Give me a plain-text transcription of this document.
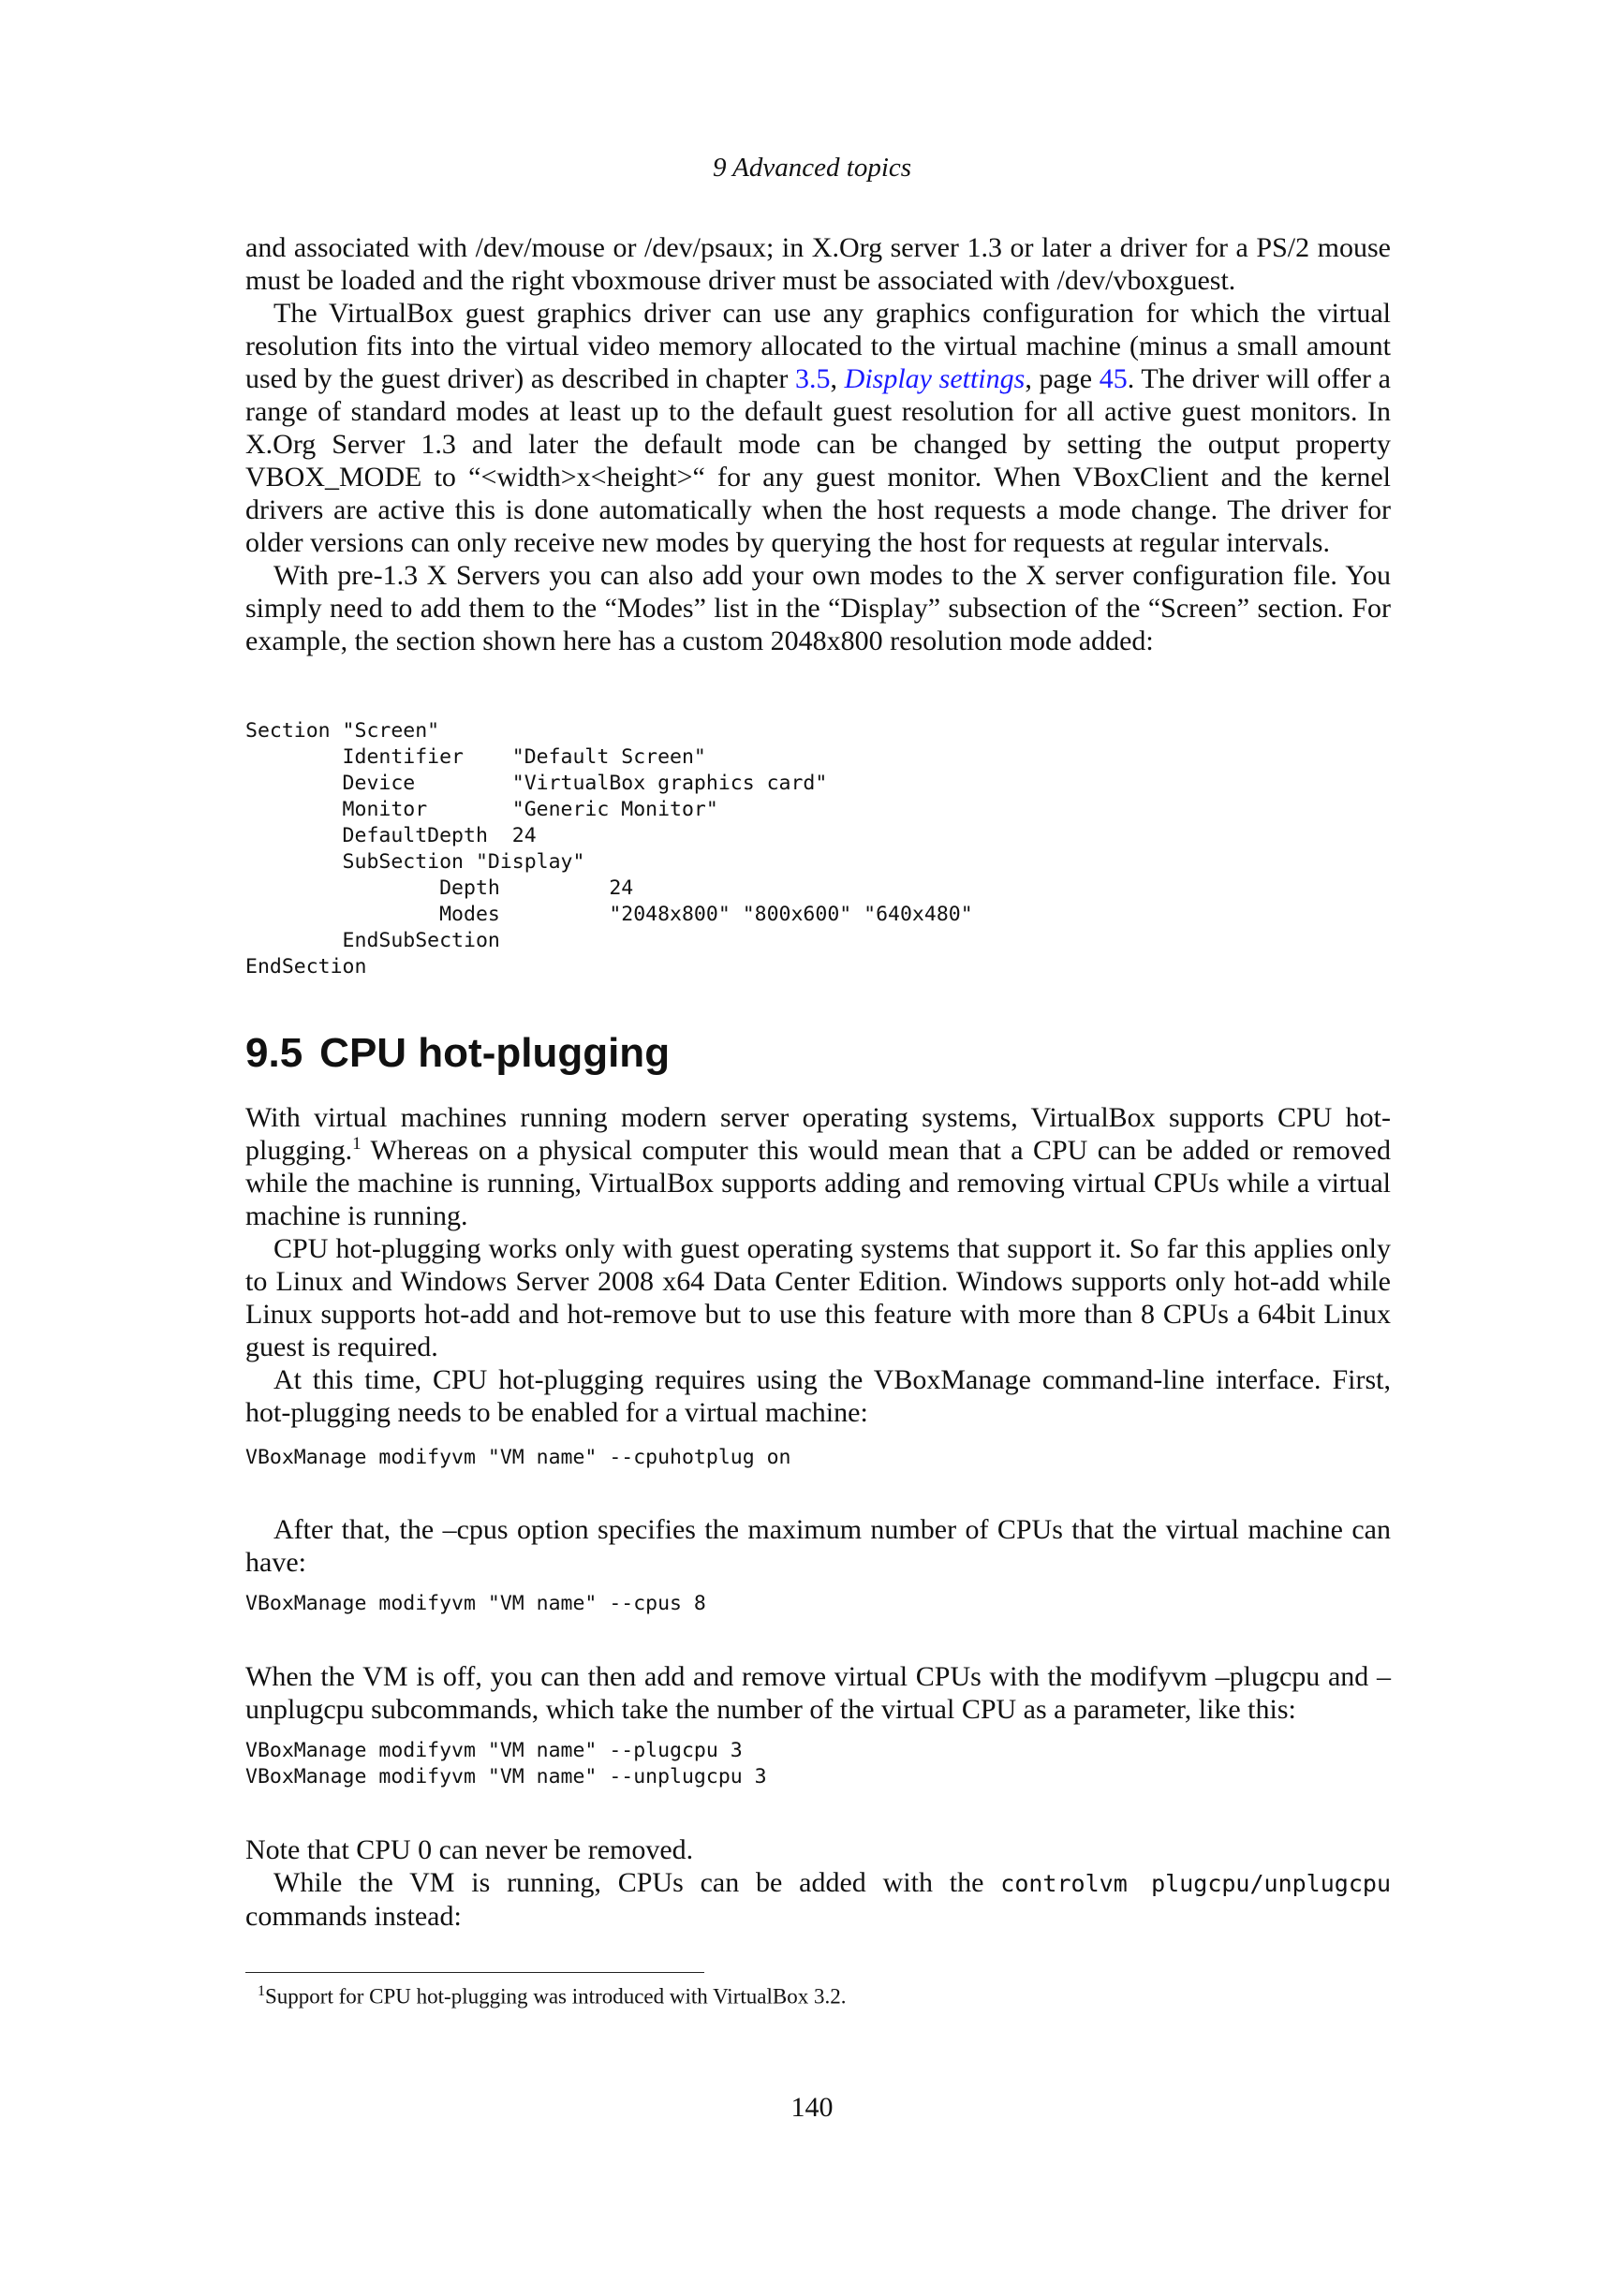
9 Advanced topics

and associated with /dev/mouse or /dev/psaux; in X.Org server 1.3 or later a driver for a PS/2 mouse must be loaded and the right vboxmouse driver must be associated with /dev/vboxguest.

The VirtualBox guest graphics driver can use any graphics configuration for which the virtual resolution fits into the virtual video memory allocated to the virtual machine (minus a small amount used by the guest driver) as described in chapter 3.5, Display settings, page 45. The driver will offer a range of standard modes at least up to the default guest resolution for all active guest monitors. In X.Org Server 1.3 and later the default mode can be changed by setting the output property VBOX_MODE to “<width>x<height>“ for any guest monitor. When VBoxClient and the kernel drivers are active this is done automatically when the host requests a mode change. The driver for older versions can only receive new modes by querying the host for requests at regular intervals.

With pre-1.3 X Servers you can also add your own modes to the X server configuration file. You simply need to add them to the “Modes” list in the “Display” subsection of the “Screen” section. For example, the section shown here has a custom 2048x800 resolution mode added:

Section "Screen"
Identifier    "Default Screen"
Device        "VirtualBox graphics card"
Monitor       "Generic Monitor"
DefaultDepth  24
SubSection "Display"
Depth         24
Modes         "2048x800" "800x600" "640x480"
EndSubSection
EndSection
9.5 CPU hot-plugging

With virtual machines running modern server operating systems, VirtualBox supports CPU hot-plugging.$^1$ Whereas on a physical computer this would mean that a CPU can be added or removed while the machine is running, VirtualBox supports adding and removing virtual CPUs while a virtual machine is running.

CPU hot-plugging works only with guest operating systems that support it. So far this applies only to Linux and Windows Server 2008 x64 Data Center Edition. Windows supports only hot-add while Linux supports hot-add and hot-remove but to use this feature with more than 8 CPUs a 64bit Linux guest is required.

At this time, CPU hot-plugging requires using the VBoxManage command-line interface. First, hot-plugging needs to be enabled for a virtual machine:

VBoxManage modifyvm "VM name" --cpuhotplug on

After that, the –cpus option specifies the maximum number of CPUs that the virtual machine can have:

VBoxManage modifyvm "VM name" --cpus 8

When the VM is off, you can then add and remove virtual CPUs with the modifyvm –plugcpu and –unplugcpu subcommands, which take the number of the virtual CPU as a parameter, like this:

VBoxManage modifyvm "VM name" --plugcpu 3
VBoxManage modifyvm "VM name" --unplugcpu 3

Note that CPU 0 can never be removed.

While the VM is running, CPUs can be added with the controlvm plugcpu/unplugcpu commands instead:

$^1$Support for CPU hot-plugging was introduced with VirtualBox 3.2.
140
